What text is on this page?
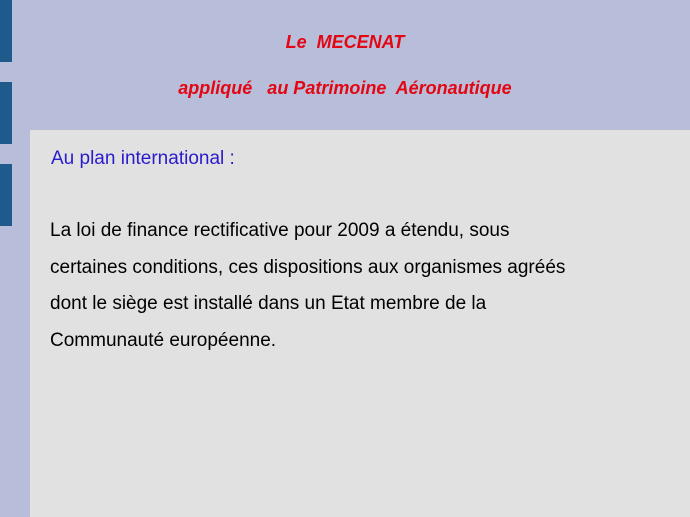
Le  MECENAT
appliqué   au Patrimoine  Aéronautique
Au plan international :

La loi de finance rectificative pour 2009 a étendu, sous
certaines conditions, ces dispositions aux organismes agréés
dont le siège est installé dans un Etat membre de la
Communauté européenne.
